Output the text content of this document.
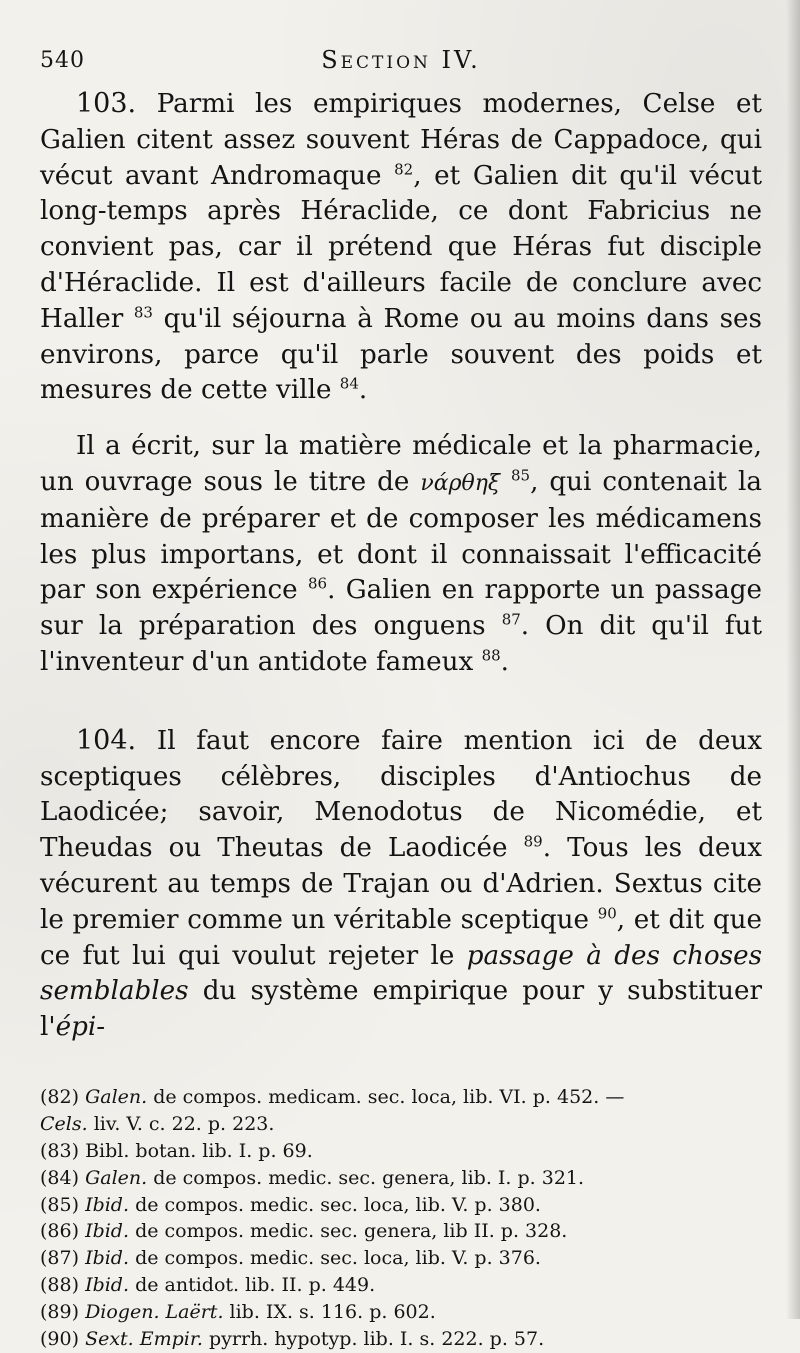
540	Section IV.

103. Parmi les empiriques modernes, Celse et Galien citent assez souvent Héras de Cappadoce, qui vécut avant Andromaque $^{82}$, et Galien dit qu'il vécut long-temps après Héraclide, ce dont Fabricius ne convient pas, car il prétend que Héras fut disciple d'Héraclide. Il est d'ailleurs facile de conclure avec Haller $^{83}$ qu'il séjourna à Rome ou au moins dans ses environs, parce qu'il parle souvent des poids et mesures de cette ville $^{84}$.

Il a écrit, sur la matière médicale et la pharmacie, un ouvrage sous le titre de νάρθηξ $^{85}$, qui contenait la manière de préparer et de composer les médicamens les plus importans, et dont il connaissait l'efficacité par son expérience $^{86}$. Galien en rapporte un passage sur la préparation des onguens $^{87}$. On dit qu'il fut l'inventeur d'un antidote fameux $^{88}$.

104. Il faut encore faire mention ici de deux sceptiques célèbres, disciples d'Antiochus de Laodicée; savoir, Menodotus de Nicomédie, et Theudas ou Theutas de Laodicée $^{89}$. Tous les deux vécurent au temps de Trajan ou d'Adrien. Sextus cite le premier comme un véritable sceptique $^{90}$, et dit que ce fut lui qui voulut rejeter le passage à des choses semblables du système empirique pour y substituer l'épi-

(82) Galen. de compos. medicam. sec. loca, lib. VI. p. 452. —
Cels. liv. V. c. 22. p. 223.
(83) Bibl. botan. lib. I. p. 69.
(84) Galen. de compos. medic. sec. genera, lib. I. p. 321.
(85) Ibid. de compos. medic. sec. loca, lib. V. p. 380.
(86) Ibid. de compos. medic. sec. genera, lib II. p. 328.
(87) Ibid. de compos. medic. sec. loca, lib. V. p. 376.
(88) Ibid. de antidot. lib. II. p. 449.
(89) Diogen. Laërt. lib. IX. s. 116. p. 602.
(90) Sext. Empir. pyrrh. hypotyp. lib. I. s. 222. p. 57.
